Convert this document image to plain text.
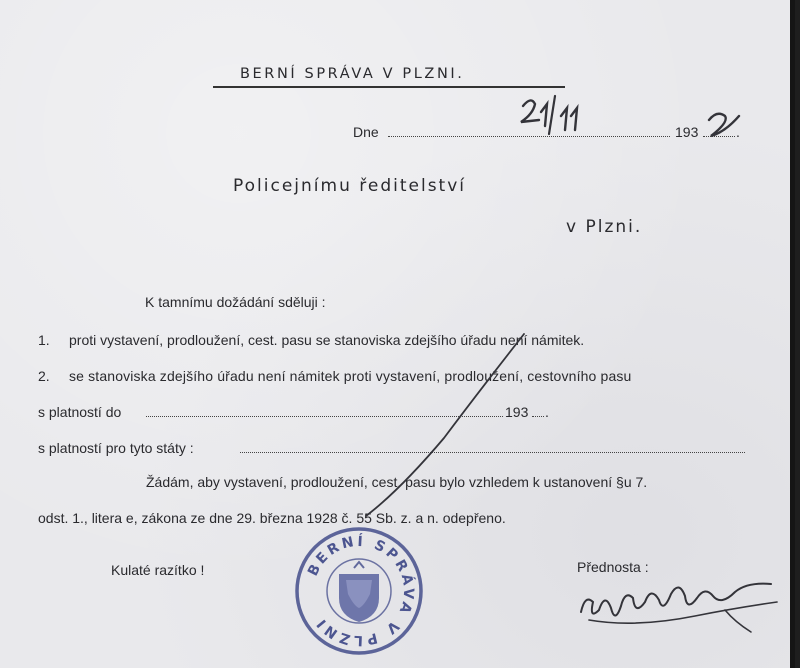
BERNÍ SPRÁVA V PLZNI.
Dne	193	.
Policejnímu ředitelství
v Plzni.
K tamnímu dožádání sděluji :
1. proti vystavení, prodloužení, cest. pasu se stanoviska zdejšího úřadu není námitek.
2. se stanoviska zdejšího úřadu není námitek proti vystavení, prodloužení, cestovního pasu
s platností do	193 .
s platností pro tyto státy :
Žádám, aby vystavení, prodloužení, cest. pasu bylo vzhledem k ustanovení §u 7.
odst. 1., litera e, zákona ze dne 29. března 1928 č. 55 Sb. z. a n. odepřeno.
Kulaté razítko !	Přednosta :
BERNÍ SPRÁVA V PLZNI
